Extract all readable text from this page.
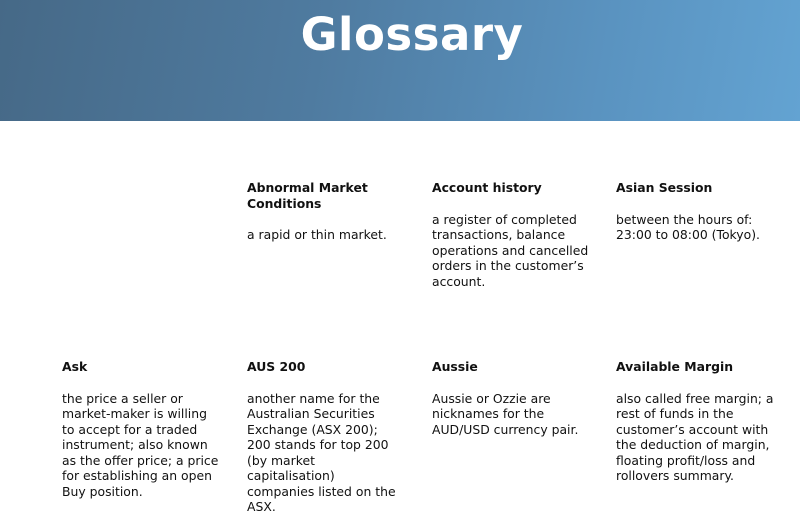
Glossary

Abnormal Market Conditions

a rapid or thin market.

Account history

a register of completed transactions, balance operations and cancelled orders in the customer’s account.

Asian Session

between the hours of: 23:00 to 08:00 (Tokyo).

Ask

the price a seller or market-maker is willing to accept for a traded instrument; also known as the offer price; a price for establishing an open Buy position.

AUS 200

another name for the Australian Securities Exchange (ASX 200); 200 stands for top 200 (by market capitalisation) companies listed on the ASX.

Aussie

Aussie or Ozzie are nicknames for the AUD/USD currency pair.

Available Margin

also called free margin; a rest of funds in the customer’s account with the deduction of margin, floating profit/loss and rollovers summary.
